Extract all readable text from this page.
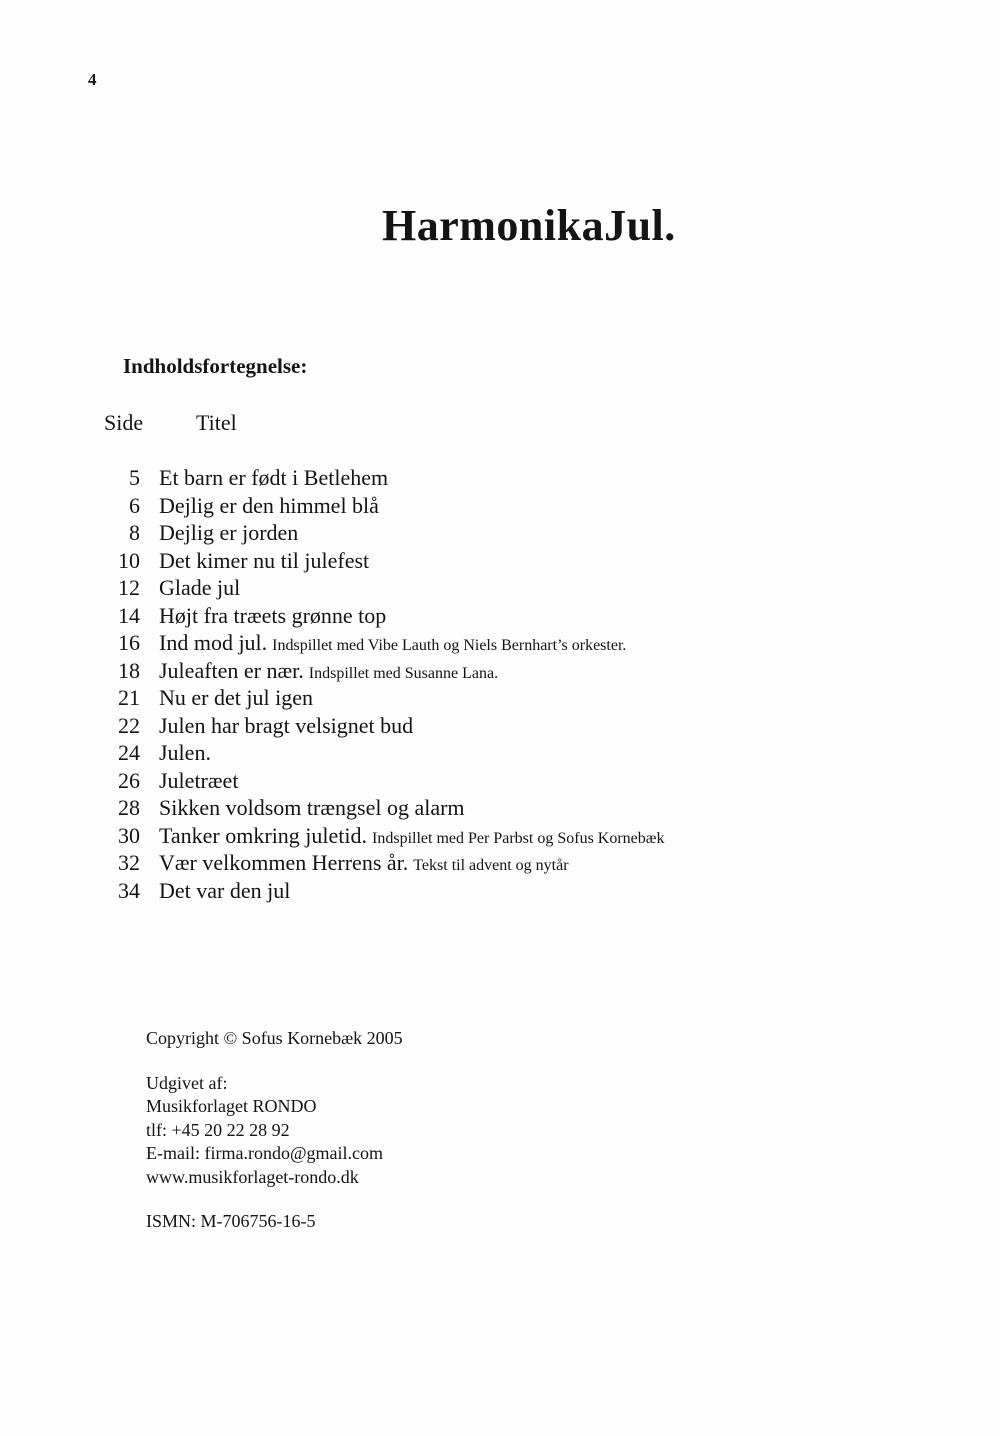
4
HarmonikaJul.
Indholdsfortegnelse:
Side Titel
5 Et barn er født i Betlehem
6 Dejlig er den himmel blå
8 Dejlig er jorden
10 Det kimer nu til julefest
12 Glade jul
14 Højt fra træets grønne top
16 Ind mod jul. Indspillet med Vibe Lauth og Niels Bernhart’s orkester.
18 Juleaften er nær. Indspillet med Susanne Lana.
21 Nu er det jul igen
22 Julen har bragt velsignet bud
24 Julen.
26 Juletræet
28 Sikken voldsom trængsel og alarm
30 Tanker omkring juletid. Indspillet med Per Parbst og Sofus Kornebæk
32 Vær velkommen Herrens år. Tekst til advent og nytår
34 Det var den jul
Copyright © Sofus Kornebæk 2005
Udgivet af:
Musikforlaget RONDO
tlf: +45 20 22 28 92
E-mail: firma.rondo@gmail.com
www.musikforlaget-rondo.dk
ISMN: M-706756-16-5
